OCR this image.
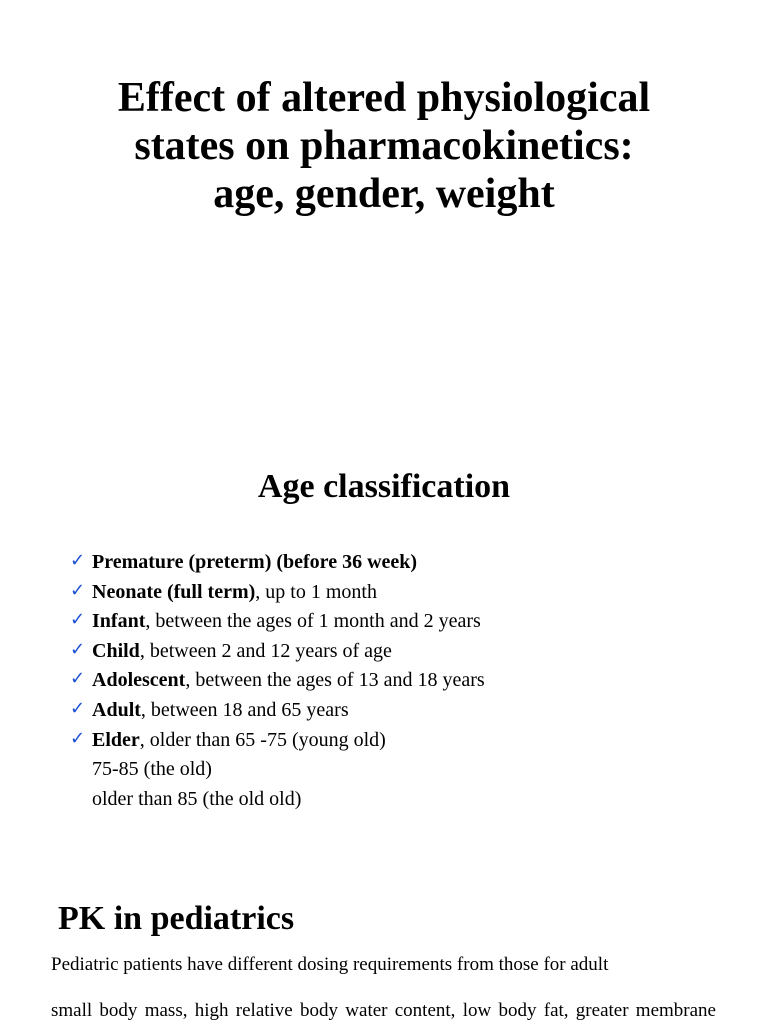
Effect of altered physiological
states on pharmacokinetics:
age, gender, weight
Age classification
✓ Premature (preterm) (before 36 week)
✓ Neonate (full term), up to 1 month
✓ Infant, between the ages of 1 month and 2 years
✓ Child, between 2 and 12 years of age
✓ Adolescent, between the ages of 13 and 18 years
✓ Adult, between 18 and 65 years
✓ Elder, older than 65 -75 (young old)
75-85 (the old)
older than 85 (the old old)
PK in pediatrics

Pediatric patients have different dosing requirements from those for adult

small body mass, high relative body water content, low body fat, greater membrane
